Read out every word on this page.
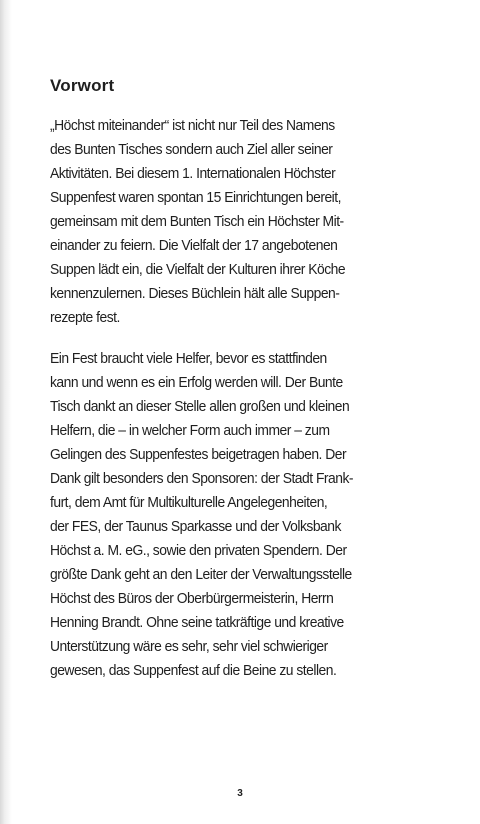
Vorwort

„Höchst miteinander“ ist nicht nur Teil des Namens
des Bunten Tisches sondern auch Ziel aller seiner
Aktivitäten. Bei diesem 1. Internationalen Höchster
Suppenfest waren spontan 15 Einrichtungen bereit,
gemeinsam mit dem Bunten Tisch ein Höchster Mit-
einander zu feiern. Die Vielfalt der 17 angebotenen
Suppen lädt ein, die Vielfalt der Kulturen ihrer Köche
kennenzulernen. Dieses Büchlein hält alle Suppen-
rezepte fest.

Ein Fest braucht viele Helfer, bevor es stattfinden
kann und wenn es ein Erfolg werden will. Der Bunte
Tisch dankt an dieser Stelle allen großen und kleinen
Helfern, die – in welcher Form auch immer – zum
Gelingen des Suppenfestes beigetragen haben. Der
Dank gilt besonders den Sponsoren: der Stadt Frank-
furt, dem Amt für Multikulturelle Angelegenheiten,
der FES, der Taunus Sparkasse und der Volksbank
Höchst a. M. eG., sowie den privaten Spendern. Der
größte Dank geht an den Leiter der Verwaltungsstelle
Höchst des Büros der Oberbürgermeisterin, Herrn
Henning Brandt. Ohne seine tatkräftige und kreative
Unterstützung wäre es sehr, sehr viel schwieriger
gewesen, das Suppenfest auf die Beine zu stellen.

3
